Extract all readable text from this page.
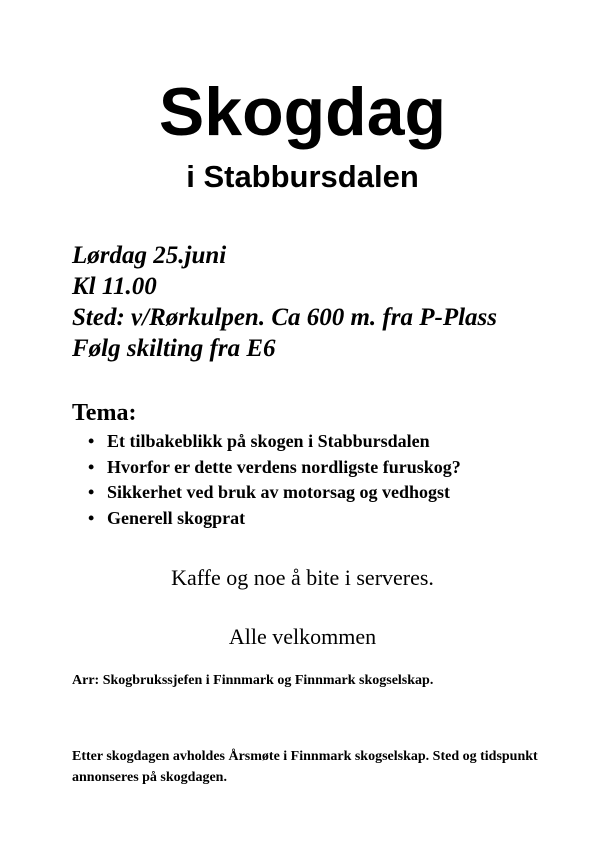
Skogdag
i Stabbursdalen
Lørdag 25.juni
Kl 11.00
Sted: v/Rørkulpen. Ca 600 m. fra P-Plass
Følg skilting fra E6
Tema:
• Et tilbakeblikk på skogen i Stabbursdalen
• Hvorfor er dette verdens nordligste furuskog?
• Sikkerhet ved bruk av motorsag og vedhogst
• Generell skogprat
Kaffe og noe å bite i serveres.
Alle velkommen
Arr: Skogbrukssjefen i Finnmark og Finnmark skogselskap.
Etter skogdagen avholdes Årsmøte i Finnmark skogselskap. Sted og tidspunkt annonseres på skogdagen.
